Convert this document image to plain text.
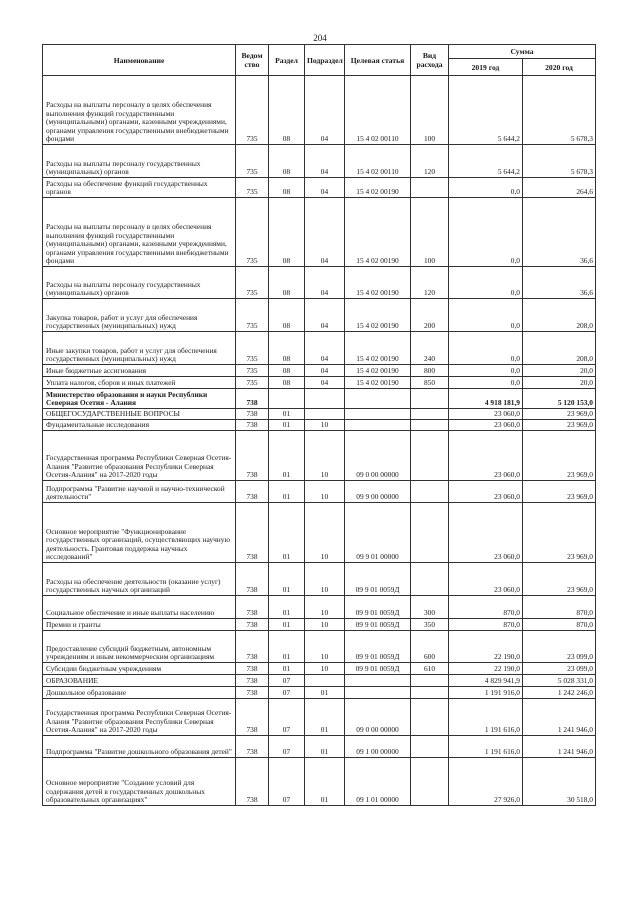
204
Наименование	Ведом ство	Раздел	Подраздел	Целевая статья	Вид расхода	Сумма	
						2019 год	2020 год
Расходы на выплаты персоналу в целях обеспечения выполнения функций государственными (муниципальными) органами, казенными учреждениями, органами управления государственными внебюджетными фондами	735	08	04	15 4 02 00110	100	5 644,2	5 678,3
Расходы на выплаты персоналу государственных (муниципальных) органов	735	08	04	15 4 02 00110	120	5 644,2	5 678,3
Расходы на обеспечение функций государственных органов	735	08	04	15 4 02 00190		0,0	264,6
Расходы на выплаты персоналу в целях обеспечения выполнения функций государственными (муниципальными) органами, казенными учреждениями, органами управления государственными внебюджетными фондами	735	08	04	15 4 02 00190	100	0,0	36,6
Расходы на выплаты персоналу государственных (муниципальных) органов	735	08	04	15 4 02 00190	120	0,0	36,6
Закупка товаров, работ и услуг для обеспечения государственных (муниципальных) нужд	735	08	04	15 4 02 00190	200	0,0	208,0
Иные закупки товаров, работ и услуг для обеспечения государственных (муниципальных) нужд	735	08	04	15 4 02 00190	240	0,0	208,0
Иные бюджетные ассигнования	735	08	04	15 4 02 00190	800	0,0	20,0
Уплата налогов, сборов и иных платежей	735	08	04	15 4 02 00190	850	0,0	20,0
Министерство образования и науки Республики Северная Осетия - Алания	738					4 918 181,9	5 120 153,0
ОБЩЕГОСУДАРСТВЕННЫЕ ВОПРОСЫ	738	01				23 060,0	23 969,0
Фундаментальные исследования	738	01	10			23 060,0	23 969,0
Государственная программа Республики Северная Осетия-Алания "Развитие образования Республики Северная Осетия-Алания" на 2017-2020 годы	738	01	10	09 0 00 00000		23 060,0	23 969,0
Подпрограмма "Развитие научной и научно-технической деятельности"	738	01	10	09 9 00 00000		23 060,0	23 969,0
Основное мероприятие "Функционирование государственных организаций, осуществляющих научную деятельность. Грантовая поддержка научных исследований"	738	01	10	09 9 01 00000		23 060,0	23 969,0
Расходы на обеспечение деятельности (оказание услуг) государственных научных организаций	738	01	10	09 9 01 0059Д		23 060,0	23 969,0
Социальное обеспечение и иные выплаты населению	738	01	10	09 9 01 0059Д	300	870,0	870,0
Премии и гранты	738	01	10	09 9 01 0059Д	350	870,0	870,0
Предоставление субсидий бюджетным, автономным учреждениям и иным некоммерческим организациям	738	01	10	09 9 01 0059Д	600	22 190,0	23 099,0
Субсидии бюджетным учреждениям	738	01	10	09 9 01 0059Д	610	22 190,0	23 099,0
ОБРАЗОВАНИЕ	738	07				4 829 941,9	5 028 331,0
Дошкольное образование	738	07	01			1 191 916,0	1 242 246,0
Государственная программа Республики Северная Осетия-Алания "Развитие образования Республики Северная Осетия-Алания" на 2017-2020 годы	738	07	01	09 0 00 00000		1 191 616,0	1 241 946,0
Подпрограмма "Развитие дошкольного образования детей"	738	07	01	09 1 00 00000		1 191 616,0	1 241 946,0
Основное мероприятие "Создание условий для содержания детей в государственных дошкольных образовательных организациях"	738	07	01	09 1 01 00000		27 926,0	30 518,0
